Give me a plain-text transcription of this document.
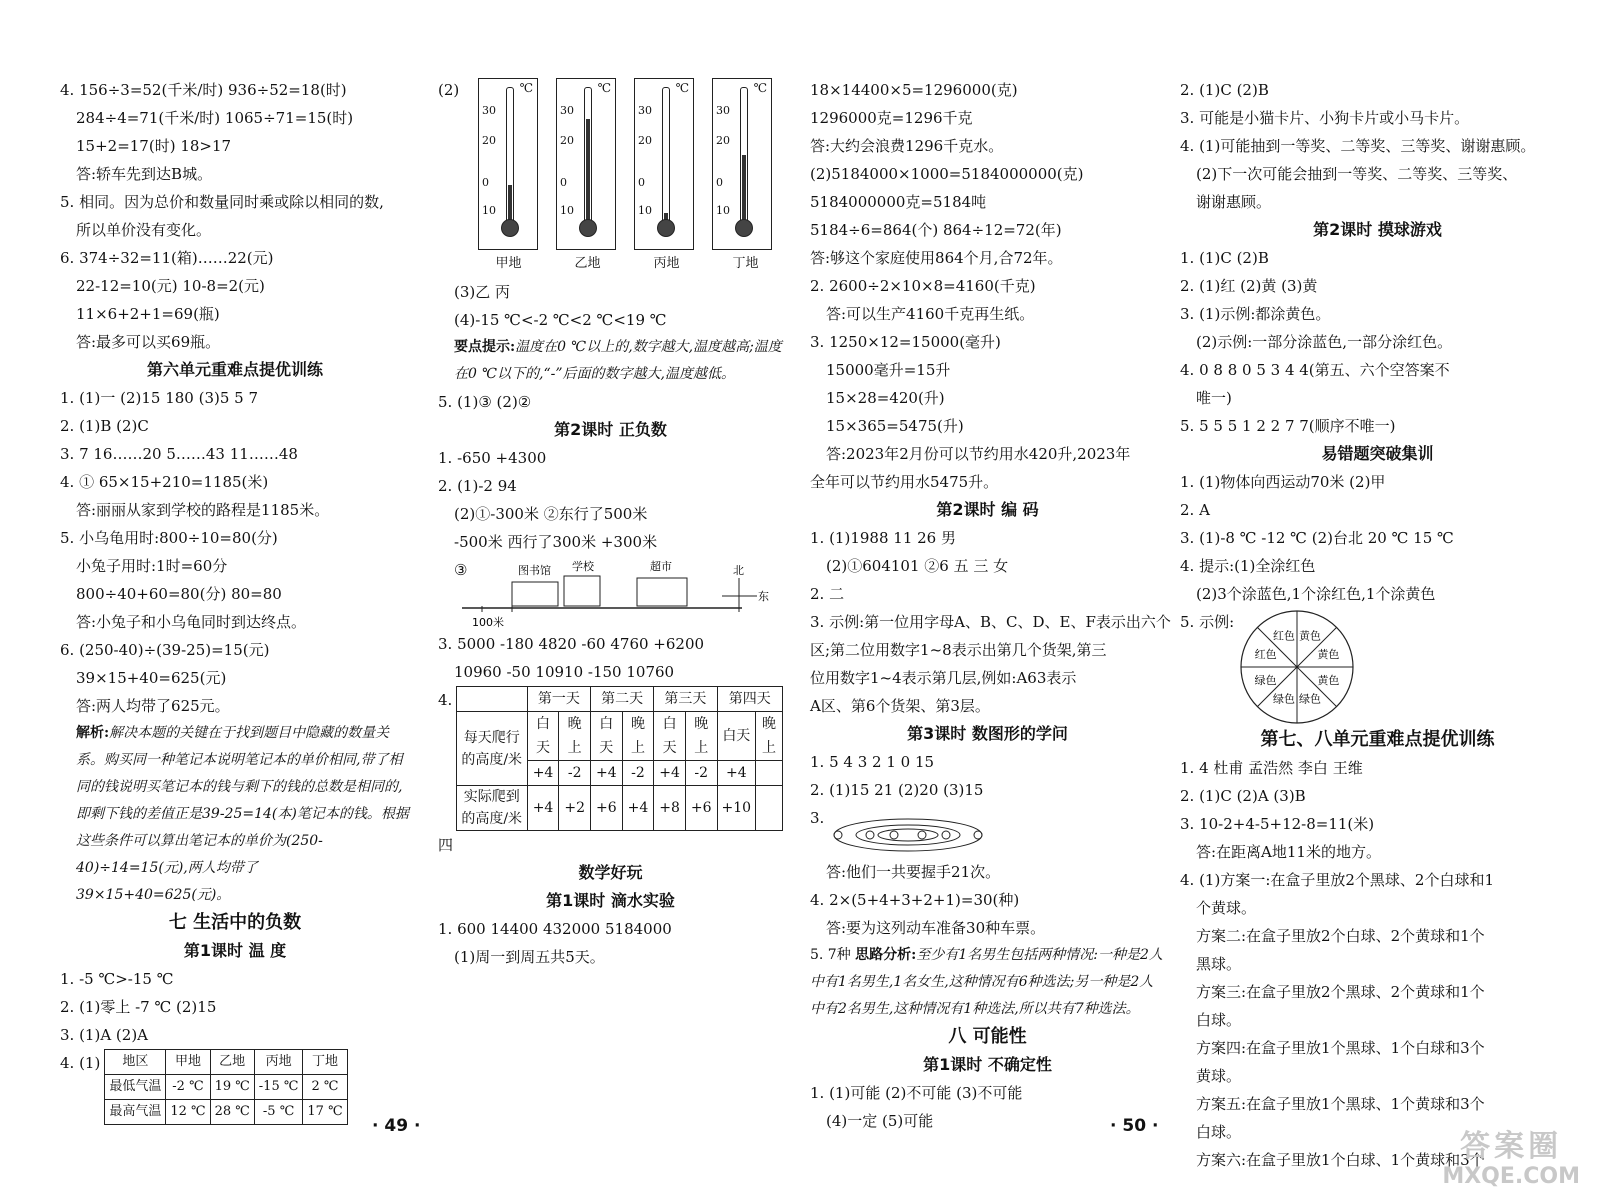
4. 156÷3=52(千米/时) 936÷52=18(时)
284÷4=71(千米/时) 1065÷71=15(时)
15+2=17(时) 18>17
答:轿车先到达B城。
5. 相同。因为总价和数量同时乘或除以相同的数,
所以单价没有变化。
6. 374÷32=11(箱)……22(元)
22-12=10(元) 10-8=2(元)
11×6+2+1=69(瓶)
答:最多可以买69瓶。
第六单元重难点提优训练
1. (1)一 (2)15 180 (3)5 5 7
2. (1)B (2)C
3. 7 16……20 5……43 11……48
4. ① 65×15+210=1185(米)
答:丽丽从家到学校的路程是1185米。
5. 小乌龟用时:800÷10=80(分)
小兔子用时:1时=60分
800÷40+60=80(分) 80=80
答:小兔子和小乌龟同时到达终点。
6. (250-40)÷(39-25)=15(元)
39×15+40=625(元)
答:两人均带了625元。
解析:解决本题的关键在于找到题目中隐藏的数量关系。购买同一种笔记本说明笔记本的单价相同,带了相同的钱说明买笔记本的钱与剩下的钱的总数是相同的,即剩下钱的差值正是39-25=14(本)笔记本的钱。根据这些条件可以算出笔记本的单价为(250-40)÷14=15(元),两人均带了39×15+40=625(元)。
七 生活中的负数
第1课时 温 度
1. -5 ℃>-15 ℃
2. (1)零上 -7 ℃ (2)15
3. (1)A (2)A
4. (1) 地区	甲地	乙地	丙地	丁地
最低气温	-2 ℃	19 ℃	-15 ℃	2 ℃
最高气温	12 ℃	28 ℃	-5 ℃	17 ℃
(2)	℃
30
20
0
10
℃
30
20
0
10
℃
30
20
0
10
℃
30
20
0
10
甲地	乙地	丙地	丁地
(3)乙 丙
(4)-15 ℃<-2 ℃<2 ℃<19 ℃
要点提示:温度在0 ℃以上的,数字越大,温度越高;温度在0 ℃以下的,“-”后面的数字越大,温度越低。
5. (1)③ (2)②
第2课时 正负数
1. -650 +4300
2. (1)-2 94
(2)①-300米 ②东行了500米
-500米 西行了300米 +300米
③	图书馆 学校	超市	北
东
100米
3. 5000 -180 4820 -60 4760 +6200
10960 -50 10910 -150 10760
4.
		第一天		第二天		第三天		第四天	
每天爬行的高度/米	白天	晚上	白天	晚上	白天	晚上	白天	晚上
	+4	-2	+4	-2	+4	-2	+4	
实际爬到的高度/米	+4	+2	+6	+4	+8	+6	+10	
四
数学好玩
第1课时 滴水实验
1. 600 14400 432000 5184000
(1)周一到周五共5天。
· 49 ·
18×14400×5=1296000(克)
1296000克=1296千克
答:大约会浪费1296千克水。
(2)5184000×1000=5184000000(克)
5184000000克=5184吨
5184÷6=864(个) 864÷12=72(年)
答:够这个家庭使用864个月,合72年。
2. 2600÷2×10×8=4160(千克)
答:可以生产4160千克再生纸。
3. 1250×12=15000(毫升)
15000毫升=15升
15×28=420(升)
15×365=5475(升)
答:2023年2月份可以节约用水420升,2023年
全年可以节约用水5475升。
第2课时 编 码
1. (1)1988 11 26 男
(2)①604101 ②6 五 三 女
2. 二
3. 示例:第一位用字母A、B、C、D、E、F表示出六个
区;第二位用数字1~8表示出第几个货架,第三
位用数字1~4表示第几层,例如:A63表示
A区、第6个货架、第3层。
第3课时 数图形的学问
1. 5 4 3 2 1 0 15
2. (1)15 21 (2)20 (3)15
3.
答:他们一共要握手21次。
4. 2×(5+4+3+2+1)=30(种)
答:要为这列动车准备30种车票。
5. 7种 思路分析:至少有1名男生包括两种情况:一种是2人中有1名男生,1名女生,这种情况有6种选法;另一种是2人中有2名男生,这种情况有1种选法,所以共有7种选法。
八 可能性
第1课时 不确定性
1. (1)可能 (2)不可能 (3)不可能
(4)一定 (5)可能
2. (1)C (2)B
3. 可能是小猫卡片、小狗卡片或小马卡片。
4. (1)可能抽到一等奖、二等奖、三等奖、谢谢惠顾。
(2)下一次可能会抽到一等奖、二等奖、三等奖、
谢谢惠顾。
第2课时 摸球游戏
1. (1)C (2)B
2. (1)红 (2)黄 (3)黄
3. (1)示例:都涂黄色。
(2)示例:一部分涂蓝色,一部分涂红色。
4. 0 8 8 0 5 3 4 4(第五、六个空答案不
唯一)
5. 5 5 5 1 2 2 7 7(顺序不唯一)
易错题突破集训
1. (1)物体向西运动70米 (2)甲
2. A
3. (1)-8 ℃ -12 ℃ (2)台北 20 ℃ 15 ℃
4. 提示:(1)全涂红色
(2)3个涂蓝色,1个涂红色,1个涂黄色
5. 示例:
黄色
黄色
黄色
绿色
绿色
绿色
红色
红色
第七、八单元重难点提优训练
1. 4 杜甫 孟浩然 李白 王维
2. (1)C (2)A (3)B
3. 10-2+4-5+12-8=11(米)
答:在距离A地11米的地方。
4. (1)方案一:在盒子里放2个黑球、2个白球和1
个黄球。
方案二:在盒子里放2个白球、2个黄球和1个
黑球。
方案三:在盒子里放2个黑球、2个黄球和1个
白球。
方案四:在盒子里放1个黑球、1个白球和3个
黄球。
方案五:在盒子里放1个黑球、1个黄球和3个
白球。
方案六:在盒子里放1个白球、1个黄球和3个
· 50 ·
答案圈
MXQE.COM
